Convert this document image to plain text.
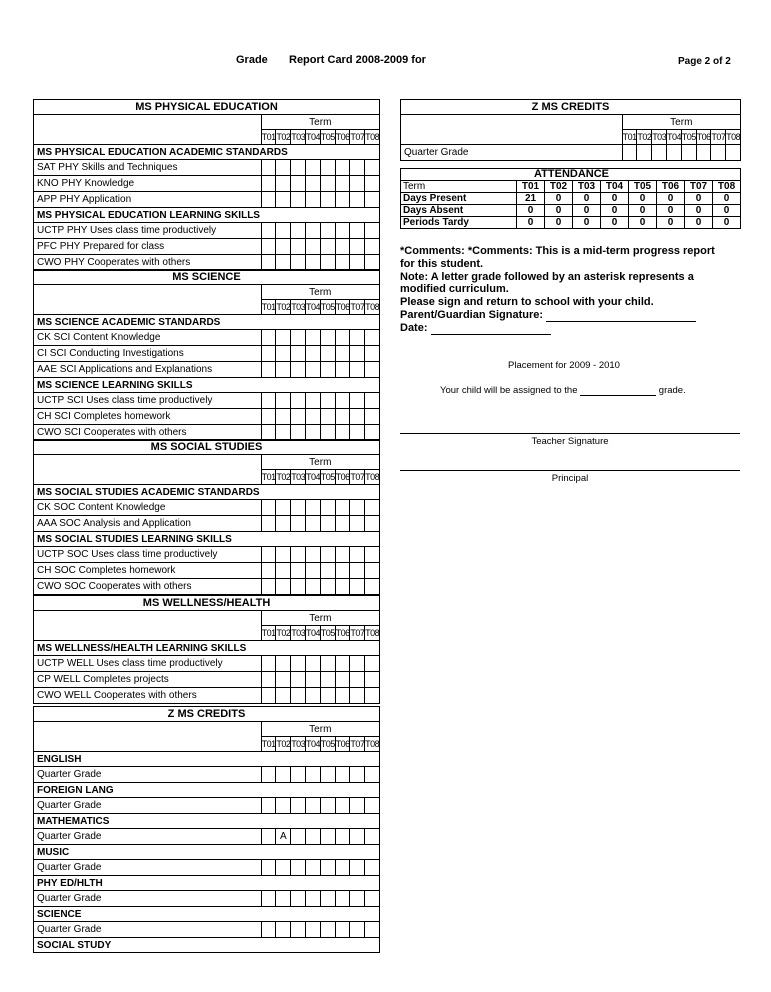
Grade Report Card 2008-2009 for	Page 2 of 2
MS PHYSICAL EDUCATION								
	Term							
	T01	T02	T03	T04	T05	T06	T07	T08
MS PHYSICAL EDUCATION ACADEMIC STANDARDS								
SAT PHY Skills and Techniques								
KNO PHY Knowledge								
APP PHY Application								
MS PHYSICAL EDUCATION LEARNING SKILLS								
UCTP PHY Uses class time productively								
PFC PHY Prepared for class								
CWO PHY Cooperates with others								
MS SCIENCE								
	Term							
	T01	T02	T03	T04	T05	T06	T07	T08
MS SCIENCE ACADEMIC STANDARDS								
CK SCI Content Knowledge								
CI SCI Conducting Investigations								
AAE SCI Applications and Explanations								
MS SCIENCE LEARNING SKILLS								
UCTP SCI Uses class time productively								
CH SCI Completes homework								
CWO SCI Cooperates with others								
MS SOCIAL STUDIES								
	Term							
	T01	T02	T03	T04	T05	T06	T07	T08
MS SOCIAL STUDIES ACADEMIC STANDARDS								
CK SOC Content Knowledge								
AAA SOC Analysis and Application								
MS SOCIAL STUDIES LEARNING SKILLS								
UCTP SOC Uses class time productively								
CH SOC Completes homework								
CWO SOC Cooperates with others								
MS WELLNESS/HEALTH								
	Term							
	T01	T02	T03	T04	T05	T06	T07	T08
MS WELLNESS/HEALTH LEARNING SKILLS								
UCTP WELL Uses class time productively								
CP WELL Completes projects								
CWO WELL Cooperates with others								
Z MS CREDITS								
	Term							
	T01	T02	T03	T04	T05	T06	T07	T08
ENGLISH								
Quarter Grade								
FOREIGN LANG								
Quarter Grade								
MATHEMATICS								
Quarter Grade		A						
MUSIC								
Quarter Grade								
PHY ED/HLTH								
Quarter Grade								
SCIENCE								
Quarter Grade								
SOCIAL STUDY								
Z MS CREDITS								
	Term							
	T01	T02	T03	T04	T05	T06	T07	T08
Quarter Grade								
ATTENDANCE								
Term	T01	T02	T03	T04	T05	T06	T07	T08
Days Present	21	0	0	0	0	0	0	0
Days Absent	0	0	0	0	0	0	0	0
Periods Tardy	0	0	0	0	0	0	0	0
*Comments: *Comments: This is a mid-term progress report
for this student.
Note: A letter grade followed by an asterisk represents a
modified curriculum.
Please sign and return to school with your child.
Parent/Guardian Signature:
Date:
Placement for 2009 - 2010
Your child will be assigned to the	grade.
Teacher Signature
Principal
